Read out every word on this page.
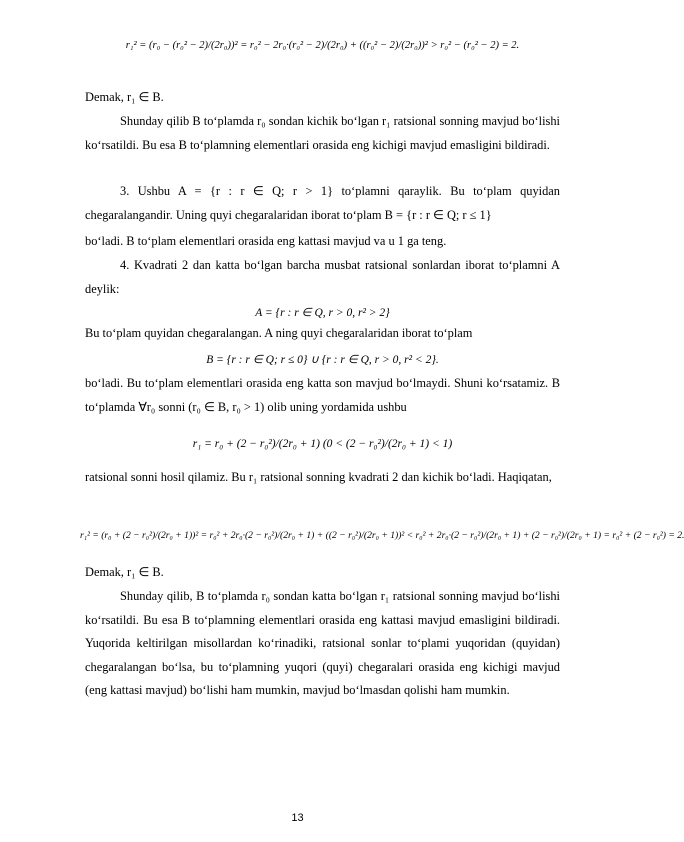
r₁² = (r₀ − (r₀² − 2)/(2r₀))² = r₀² − 2r₀·(r₀² − 2)/(2r₀) + ((r₀² − 2)/(2r₀))² > r₀² − (r₀² − 2) = 2.
Demak, r₁ ∈ B.
Shunday qilib B to‘plamda r₀ sondan kichik bo‘lgan r₁ ratsional sonning mavjud bo‘lishi ko‘rsatildi. Bu esa B to‘plamning elementlari orasida eng kichigi mavjud emasligini bildiradi.
3. Ushbu A = {r : r ∈ Q; r > 1} to‘plamni qaraylik. Bu to‘plam quyidan chegaralangandir. Uning quyi chegaralaridan iborat to‘plam B = {r : r ∈ Q; r ≤ 1}
bo‘ladi. B to‘plam elementlari orasida eng kattasi mavjud va u 1 ga teng.
4. Kvadrati 2 dan katta bo‘lgan barcha musbat ratsional sonlardan iborat to‘plamni A deylik:
A = {r : r ∈ Q, r > 0, r² > 2}
Bu to‘plam quyidan chegaralangan. A ning quyi chegaralaridan iborat to‘plam
B = {r : r ∈ Q; r ≤ 0} ∪ {r : r ∈ Q, r > 0, r² < 2}.
bo‘ladi. Bu to‘plam elementlari orasida eng katta son mavjud bo‘lmaydi. Shuni ko‘rsatamiz. B to‘plamda ∀r₀ sonni (r₀ ∈ B, r₀ > 1) olib uning yordamida ushbu
r₁ = r₀ + (2 − r₀²)/(2r₀ + 1) (0 < (2 − r₀²)/(2r₀ + 1) < 1)
ratsional sonni hosil qilamiz. Bu r₁ ratsional sonning kvadrati 2 dan kichik bo‘ladi. Haqiqatan,
r₁² = (r₀ + (2 − r₀²)/(2r₀ + 1))² = r₀² + 2r₀·(2 − r₀²)/(2r₀ + 1) + ((2 − r₀²)/(2r₀ + 1))² < r₀² + 2r₀·(2 − r₀²)/(2r₀ + 1) + (2 − r₀²)/(2r₀ + 1) = r₀² + (2 − r₀²) = 2.
Demak, r₁ ∈ B.
Shunday qilib, B to‘plamda r₀ sondan katta bo‘lgan r₁ ratsional sonning mavjud bo‘lishi ko‘rsatildi. Bu esa B to‘plamning elementlari orasida eng kattasi mavjud emasligini bildiradi. Yuqorida keltirilgan misollardan ko‘rinadiki, ratsional sonlar to‘plami yuqoridan (quyidan) chegaralangan bo‘lsa, bu to‘plamning yuqori (quyi) chegaralari orasida eng kichigi mavjud (eng kattasi mavjud) bo‘lishi ham mumkin, mavjud bo‘lmasdan qolishi ham mumkin.
13
